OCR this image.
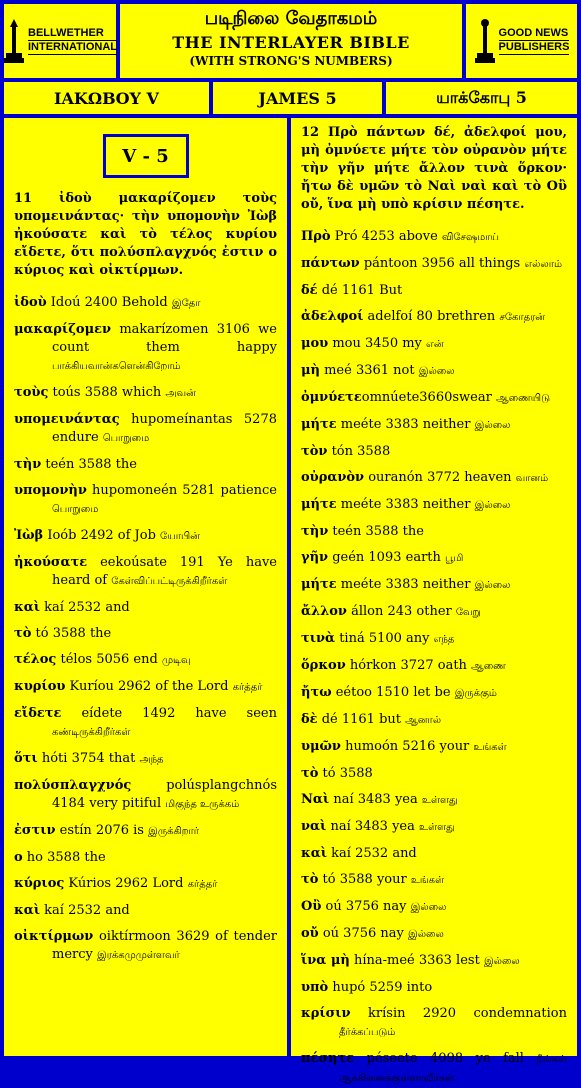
BELLWETHER
INTERNATIONAL
படிநிலை வேதாகமம்
THE INTERLAYER BIBLE
(WITH STRONG'S NUMBERS)
GOOD NEWS
PUBLISHERS
ΙΑΚΩΒΟΥ V	JAMES 5	யாக்கோபு 5
V - 5
11 ἰδοὺ μακαρίζομεν τοὺς υπομεινάντας· τὴν υπομονὴν Ἰὼβ ἠκούσατε καὶ τὸ τέλος κυρίου εἴδετε, ὅτι πολύσπλαγχνός ἐστιν ο κύριος καὶ οἰκτίρμων.
ἰδοὺ Idoú 2400 Behold இதோ
μακαρίζομεν makarízomen 3106 we count them happy பாக்கியவான்களென்கிறோம்
τοὺς toús 3588 which அவன்
υπομεινάντας hupomeínantas 5278 endure பொறுமை
τὴν teén 3588 the
υπομονὴν hupomoneén 5281 patience பொறுமை
Ἰὼβ Ioób 2492 of Job யோபின்
ἠκούσατε eekoúsate 191 Ye have heard of கேள்விப்பட்டிருக்கிறீர்கள்
καὶ kaí 2532 and
τὸ tó 3588 the
τέλος télos 5056 end முடிவு
κυρίου Kuríou 2962 of the Lord கர்த்தர்
εἴδετε eídete 1492 have seen கண்டிருக்கிறீர்கள்
ὅτι hóti 3754 that அந்த
πολύσπλαγχνός polúsplangchnós 4184 very pitiful மிகுந்த உருக்கம்
ἐστιν estín 2076 is இருக்கிறார்
ο ho 3588 the
κύριος Kúrios 2962 Lord கர்த்தர்
καὶ kaí 2532 and
οἰκτίρμων oiktírmoon 3629 of tender mercy இரக்கமுமுள்ளவர்
12 Πρὸ πάντων δέ, ἀδελφοί μου, μὴ ὀμνύετε μήτε τὸν οὐρανὸν μήτε τὴν γῆν μήτε ἄλλον τινὰ ὅρκον· ἤτω δὲ υμῶν τὸ Ναὶ ναὶ καὶ τὸ Οὒ οὔ, ἵνα μὴ υπὸ κρίσιν πέσητε.
Πρὸ Pró 4253 above விசேஷமாய்
πάντων pántoon 3956 all things எல்லாம்
δέ dé 1161 But
ἀδελφοί adelfoí 80 brethren சகோதரன்
μου mou 3450 my என்
μὴ meé 3361 not இல்லை
ὀμνύετεomnúete3660swear ஆணையிடு
μήτε meéte 3383 neither இல்லை
τὸν tón 3588
οὐρανὸν ouranón 3772 heaven வானம்
μήτε meéte 3383 neither இல்லை
τὴν teén 3588 the
γῆν geén 1093 earth பூமி
μήτε meéte 3383 neither இல்லை
ἄλλον állon 243 other வேறு
τινὰ tiná 5100 any எந்த
ὅρκον hórkon 3727 oath ஆணை
ἤτω eétoo 1510 let be இருக்கும்
δὲ dé 1161 but ஆனால்
υμῶν humoón 5216 your உங்கள்
τὸ tó 3588
Ναὶ naí 3483 yea உள்ளது
ναὶ naí 3483 yea உள்ளது
καὶ kaí 2532 and
τὸ tó 3588 your உங்கள்
Οὒ oú 3756 nay இல்லை
οὔ oú 3756 nay இல்லை
ἵνα μὴ hína-meé 3363 lest இல்லை
υπὸ hupó 5259 into
κρίσιν krísin 2920 condemnation தீர்க்கப்படும்
πέσητε péseete 4098 ye fall நீங்கள் ஆக்கினைக்குள்ளாவீர்கள்
